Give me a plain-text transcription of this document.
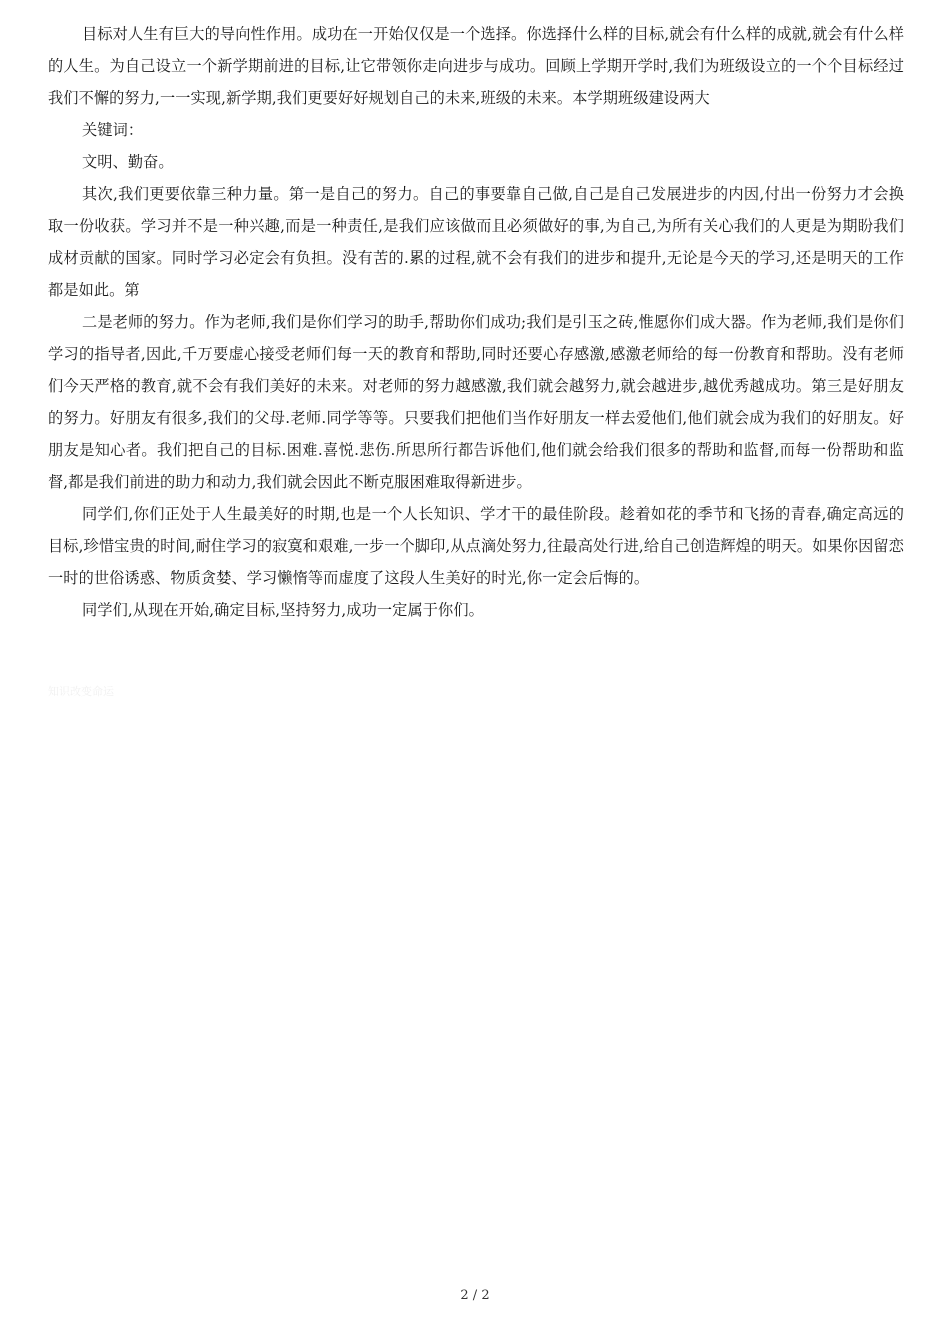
目标对人生有巨大的导向性作用。成功在一开始仅仅是一个选择。你选择什么样的目标,就会有什么样的成就,就会有什么样的人生。为自己设立一个新学期前进的目标,让它带领你走向进步与成功。回顾上学期开学时,我们为班级设立的一个个目标经过我们不懈的努力,一一实现,新学期,我们更要好好规划自己的未来,班级的未来。本学期班级建设两大

关键词：

文明、勤奋。

其次,我们更要依靠三种力量。第一是自己的努力。自己的事要靠自己做,自己是自己发展进步的内因,付出一份努力才会换取一份收获。学习并不是一种兴趣,而是一种责任,是我们应该做而且必须做好的事,为自己,为所有关心我们的人更是为期盼我们成材贡献的国家。同时学习必定会有负担。没有苦的.累的过程,就不会有我们的进步和提升,无论是今天的学习,还是明天的工作都是如此。第

二是老师的努力。作为老师,我们是你们学习的助手,帮助你们成功;我们是引玉之砖,惟愿你们成大器。作为老师,我们是你们学习的指导者,因此,千万要虚心接受老师们每一天的教育和帮助,同时还要心存感激,感激老师给的每一份教育和帮助。没有老师们今天严格的教育,就不会有我们美好的未来。对老师的努力越感激,我们就会越努力,就会越进步,越优秀越成功。第三是好朋友的努力。好朋友有很多,我们的父母.老师.同学等等。只要我们把他们当作好朋友一样去爱他们,他们就会成为我们的好朋友。好朋友是知心者。我们把自己的目标.困难.喜悦.悲伤.所思所行都告诉他们,他们就会给我们很多的帮助和监督,而每一份帮助和监督,都是我们前进的助力和动力,我们就会因此不断克服困难取得新进步。

同学们,你们正处于人生最美好的时期,也是一个人长知识、学才干的最佳阶段。趁着如花的季节和飞扬的青春,确定高远的目标,珍惜宝贵的时间,耐住学习的寂寞和艰难,一步一个脚印,从点滴处努力,往最高处行进,给自己创造辉煌的明天。如果你因留恋一时的世俗诱惑、物质贪婪、学习懒惰等而虚度了这段人生美好的时光,你一定会后悔的。

同学们,从现在开始,确定目标,坚持努力,成功一定属于你们。

知识改变命运
2 / 2
